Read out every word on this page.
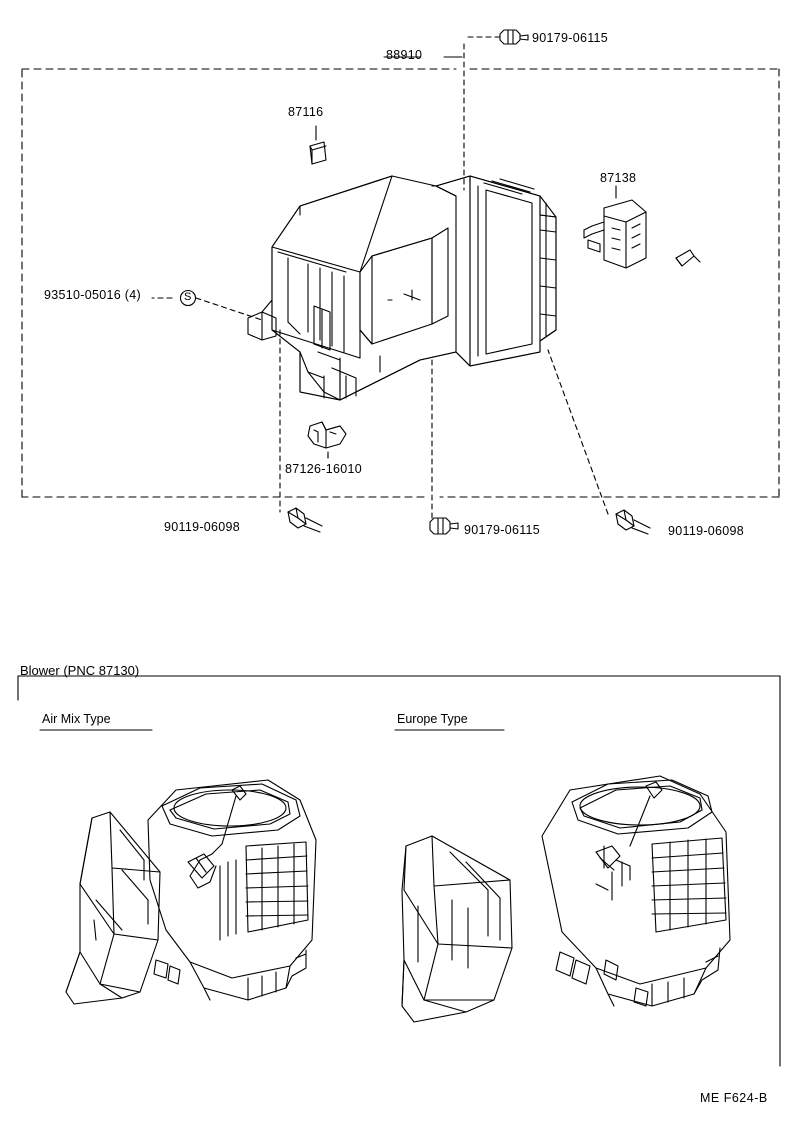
88910
87116
87138
93510-05016 (4)
87126-16010
90179-06115
90119-06098	90179-06115	90119-06098
Blower (PNC 87130)
Air Mix Type	Europe Type
ME F624-B
S
